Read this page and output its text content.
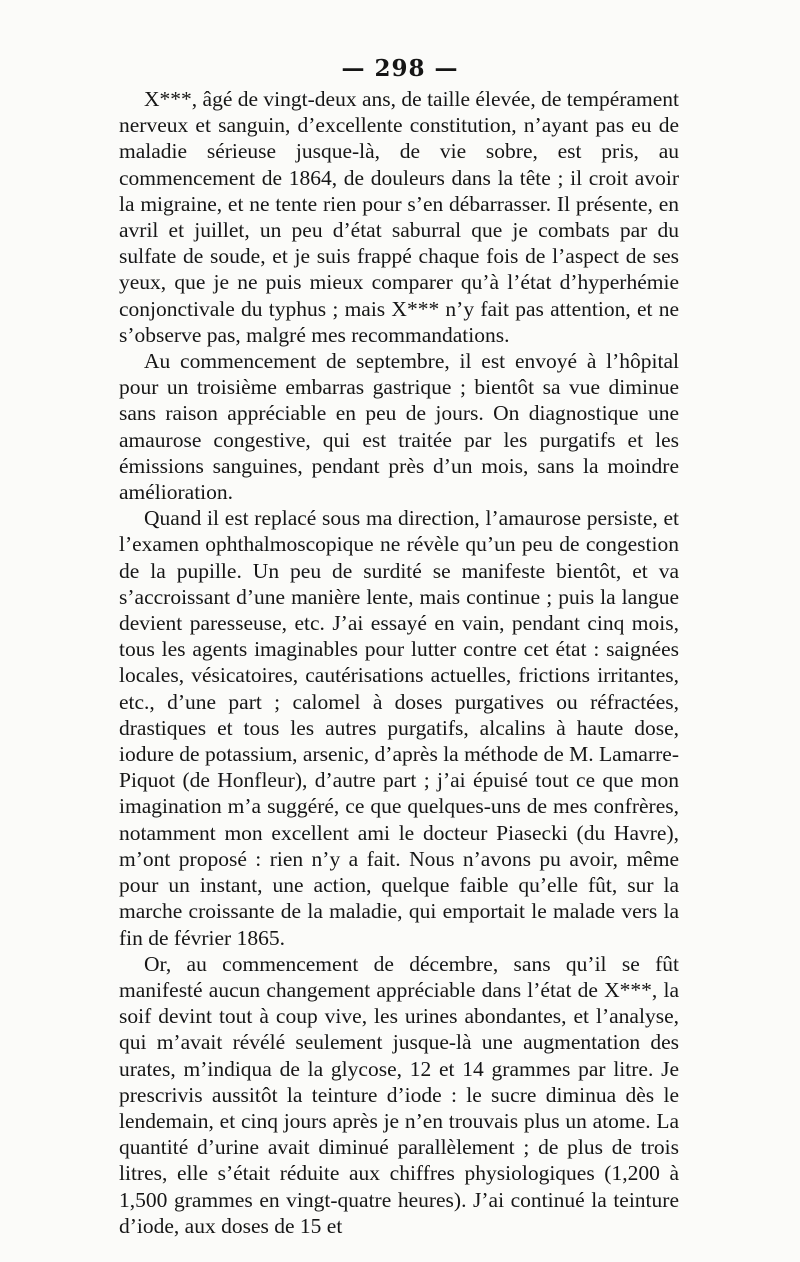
— 298 —

X***, âgé de vingt-deux ans, de taille élevée, de tempérament nerveux et sanguin, d’excellente constitution, n’ayant pas eu de maladie sérieuse jusque-là, de vie sobre, est pris, au commencement de 1864, de douleurs dans la tête ; il croit avoir la migraine, et ne tente rien pour s’en débarrasser. Il présente, en avril et juillet, un peu d’état saburral que je combats par du sulfate de soude, et je suis frappé chaque fois de l’aspect de ses yeux, que je ne puis mieux comparer qu’à l’état d’hyperhémie conjonctivale du typhus ; mais X*** n’y fait pas attention, et ne s’observe pas, malgré mes recommandations.

Au commencement de septembre, il est envoyé à l’hôpital pour un troisième embarras gastrique ; bientôt sa vue diminue sans raison appréciable en peu de jours. On diagnostique une amaurose congestive, qui est traitée par les purgatifs et les émissions sanguines, pendant près d’un mois, sans la moindre amélioration.

Quand il est replacé sous ma direction, l’amaurose persiste, et l’examen ophthalmoscopique ne révèle qu’un peu de congestion de la pupille. Un peu de surdité se manifeste bientôt, et va s’accroissant d’une manière lente, mais continue ; puis la langue devient paresseuse, etc. J’ai essayé en vain, pendant cinq mois, tous les agents imaginables pour lutter contre cet état : saignées locales, vésicatoires, cautérisations actuelles, frictions irritantes, etc., d’une part ; calomel à doses purgatives ou réfractées, drastiques et tous les autres purgatifs, alcalins à haute dose, iodure de potassium, arsenic, d’après la méthode de M. Lamarre-Piquot (de Honfleur), d’autre part ; j’ai épuisé tout ce que mon imagination m’a suggéré, ce que quelques-uns de mes confrères, notamment mon excellent ami le docteur Piasecki (du Havre), m’ont proposé : rien n’y a fait. Nous n’avons pu avoir, même pour un instant, une action, quelque faible qu’elle fût, sur la marche croissante de la maladie, qui emportait le malade vers la fin de février 1865.

Or, au commencement de décembre, sans qu’il se fût manifesté aucun changement appréciable dans l’état de X***, la soif devint tout à coup vive, les urines abondantes, et l’analyse, qui m’avait révélé seulement jusque-là une augmentation des urates, m’indiqua de la glycose, 12 et 14 grammes par litre. Je prescrivis aussitôt la teinture d’iode : le sucre diminua dès le lendemain, et cinq jours après je n’en trouvais plus un atome. La quantité d’urine avait diminué parallèlement ; de plus de trois litres, elle s’était réduite aux chiffres physiologiques (1,200 à 1,500 grammes en vingt-quatre heures). J’ai continué la teinture d’iode, aux doses de 15 et
